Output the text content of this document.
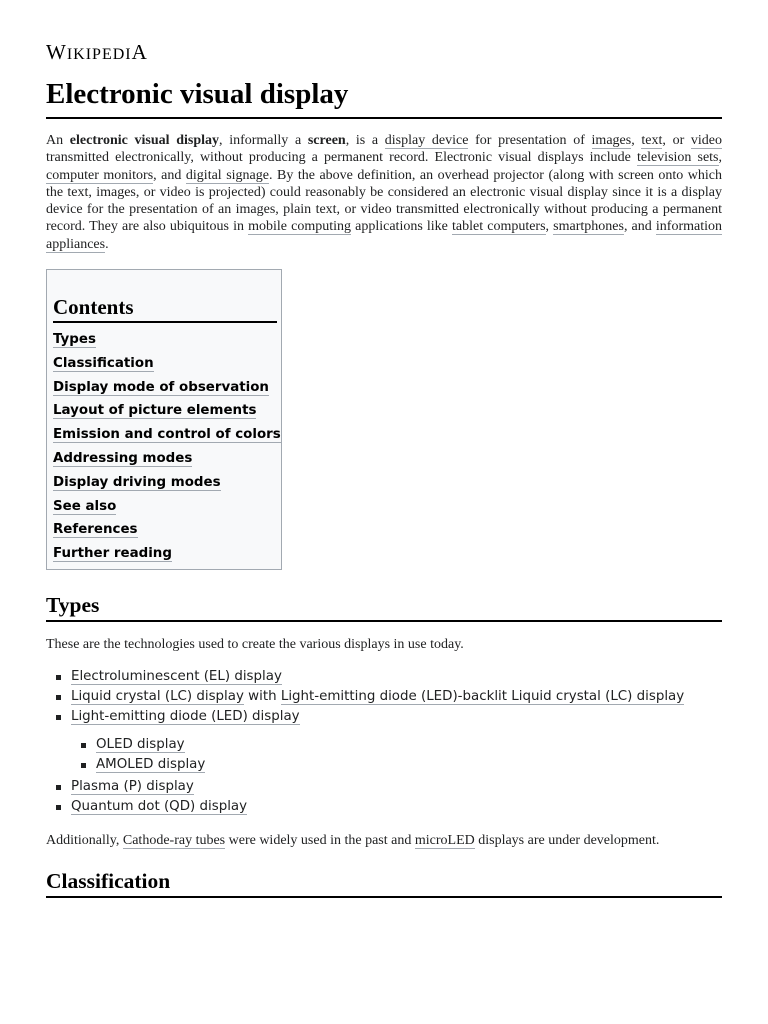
WIKIPEDIA
Electronic visual display

An electronic visual display, informally a screen, is a display device for presentation of images, text, or video transmitted electronically, without producing a permanent record. Electronic visual displays include television sets, computer monitors, and digital signage. By the above definition, an overhead projector (along with screen onto which the text, images, or video is projected) could reasonably be considered an electronic visual display since it is a display device for the presentation of an images, plain text, or video transmitted electronically without producing a permanent record. They are also ubiquitous in mobile computing applications like tablet computers, smartphones, and information appliances.

Contents
Types
Classification
Display mode of observation
Layout of picture elements
Emission and control of colors
Addressing modes
Display driving modes
See also
References
Further reading
Types

These are the technologies used to create the various displays in use today.

Electroluminescent (EL) display
Liquid crystal (LC) display with Light-emitting diode (LED)-backlit Liquid crystal (LC) display
Light-emitting diode (LED) display
OLED display
AMOLED display
Plasma (P) display
Quantum dot (QD) display

Additionally, Cathode-ray tubes were widely used in the past and microLED displays are under development.

Classification
